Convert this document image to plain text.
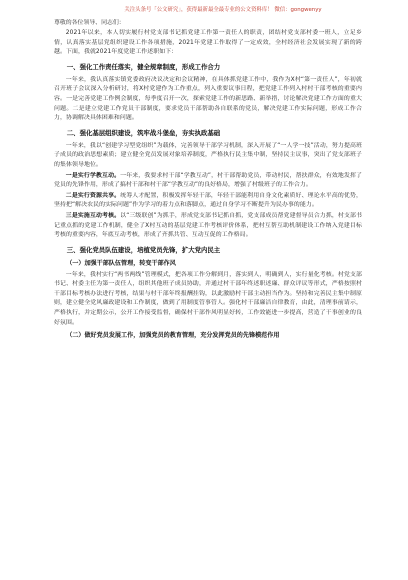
关注头条号「公文研究」，获得最新最全最专业的公文资料库！ 微信：gongwenyy
尊敬的各位领导、同志们：

2021年以来，本人切实履行村党支部书记抓党建工作第一责任人的职责，团结村党支部村委一班人，立足乡情，认真落实基层党组织建设工作各项措施，2021年党建工作取得了一定成效，全村经济社会发展实现了新的跨越。下面，我就2021年度党建工作述职如下：

一、强化工作责任落实，健全规章制度，形成工作合力

一年来，我认真落实镇党委政府决议决定和会议精神，在具体抓党建工作中，我作为X村“第一责任人”，年初就召开班子会议深入分析研讨，将X村党建作为工作重点，列入重要议事日程，把党建工作列入村村干部考核的重要内容。一是完善党建工作例会制度，每季度召开一次，探索党建工作的新思路、新举措，讨论解决党建工作方面的重大问题。二是建立党建工作党员干部制度，要求党员干部帮助各自联系的党员，解决党建工作实际问题，形成工作合力，协调解决具体困难和问题。

二、强化基层组织建设，筑牢战斗堡垒，夯实执政基础

一年来，我以“创建学习型党组织”为载体，完善领导干部学习机制，深入开展了“一人学一技”活动，努力提高班子成员的政治思想素质；建立健全党员发展对象培养制度，严格执行民主集中制，坚持民主议事，突出了党支部班子的集体领导地位。

一是实行学教互动。一年来，我要求村干部“学教互动”，村干部帮助党员，带动村民，帮扶群众，有效地发挥了党员的先锋作用，形成了搞村干部和村干部“学教互动”的良好格局，增强了村级班子的工作合力。

二是实行资源共享。统筹人才配置，积极发挥年轻干部，年轻干部能利用自身文化素质好、理论水平高的优势，坚持把“解决农民的实际问题”作为学习的着力点和落脚点，通过自身学习不断提升为民办事的能力。

三是实施互动考核。以“三级联创”为抓手，形成党支部书记抓自抓，党支部成员帮党建督导员合力抓，村支部书记重点抓的党建工作机制，健全了X村互动的基层党建工作考核评价体系，把村互帮互助机制建设工作纳入党建目标考核的重要内容，年底互动考核，形成了齐抓共管、互动互促的工作格局。

三、强化党员队伍建设，培植党员先锋，扩大党内民主
（一）加强干部队伍管理，转变干部作风

一年来，我村实行“两书两线”管理模式，把各项工作分解到月，落实到人，明确到人，实行量化考核。村党支部书记、村委主任为第一责任人，组织其他班子成员协助，并通过村干部年终述职述廉、群众评议等形式，严格按照村干部目标考核办法进行考核，结果与村干部年终报酬挂钩，以此激励村干部主动担当作为。坚持和完善民主集中制原则，建立健全党风廉政建设和工作制度，做到了用制度管事管人。强化村干部廉洁自律教育，由此，清理事前请示，严格执行，并定期公示，公开工作接受监督，确保村干部作风明显好转，工作效能进一步提高，营造了干事创业的良好氛围。

（二）做好党员发展工作，加强党员的教育管理，充分发挥党员的先锋模范作用
